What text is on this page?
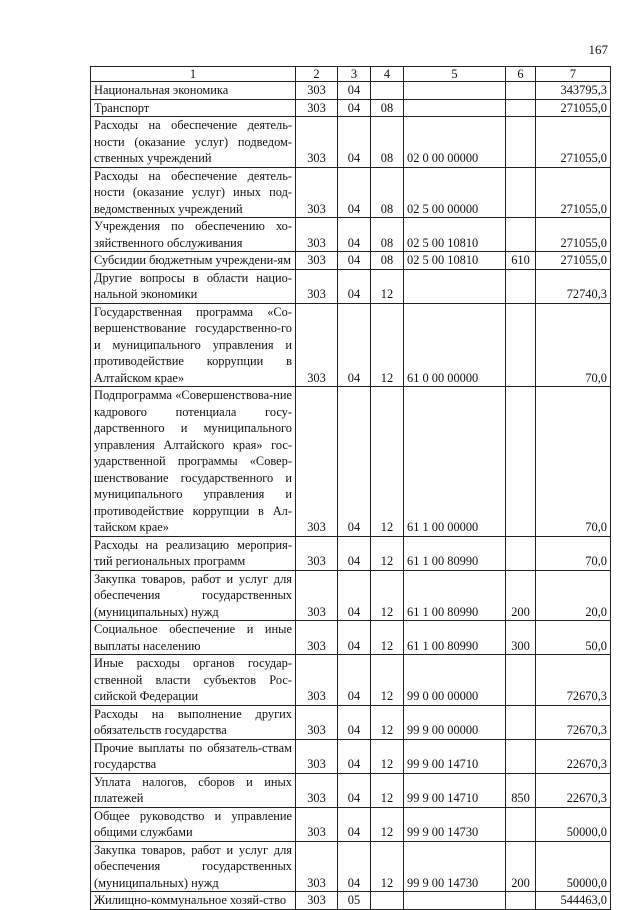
167
1	2	3	4	5	6	7
Национальная экономика	303	04				343795,3
Транспорт	303	04	08			271055,0
Расходы на обеспечение деятель-ности (оказание услуг) подведом-ственных учреждений	303	04	08	02 0 00 00000		271055,0
Расходы на обеспечение деятель-ности (оказание услуг) иных под-ведомственных учреждений	303	04	08	02 5 00 00000		271055,0
Учреждения по обеспечению хо-зяйственного обслуживания	303	04	08	02 5 00 10810		271055,0
Субсидии бюджетным учреждени-ям	303	04	08	02 5 00 10810	610	271055,0
Другие вопросы в области нацио-нальной экономики	303	04	12			72740,3
Государственная программа «Со-вершенствование государственно-го и муниципального управления и противодействие коррупции в Алтайском крае»	303	04	12	61 0 00 00000		70,0
Подпрограмма «Совершенствова-ние кадрового потенциала госу-дарственного и муниципального управления Алтайского края» гос-ударственной программы «Совер-шенствование государственного и муниципального управления и противодействие коррупции в Ал-тайском крае»	303	04	12	61 1 00 00000		70,0
Расходы на реализацию мероприя-тий региональных программ	303	04	12	61 1 00 80990		70,0
Закупка товаров, работ и услуг для обеспечения государственных (муниципальных) нужд	303	04	12	61 1 00 80990	200	20,0
Социальное обеспечение и иные выплаты населению	303	04	12	61 1 00 80990	300	50,0
Иные расходы органов государ-ственной власти субъектов Рос-сийской Федерации	303	04	12	99 0 00 00000		72670,3
Расходы на выполнение других обязательств государства	303	04	12	99 9 00 00000		72670,3
Прочие выплаты по обязатель-ствам государства	303	04	12	99 9 00 14710		22670,3
Уплата налогов, сборов и иных платежей	303	04	12	99 9 00 14710	850	22670,3
Общее руководство и управление общими службами	303	04	12	99 9 00 14730		50000,0
Закупка товаров, работ и услуг для обеспечения государственных (муниципальных) нужд	303	04	12	99 9 00 14730	200	50000,0
Жилищно-коммунальное хозяй-ство	303	05				544463,0
